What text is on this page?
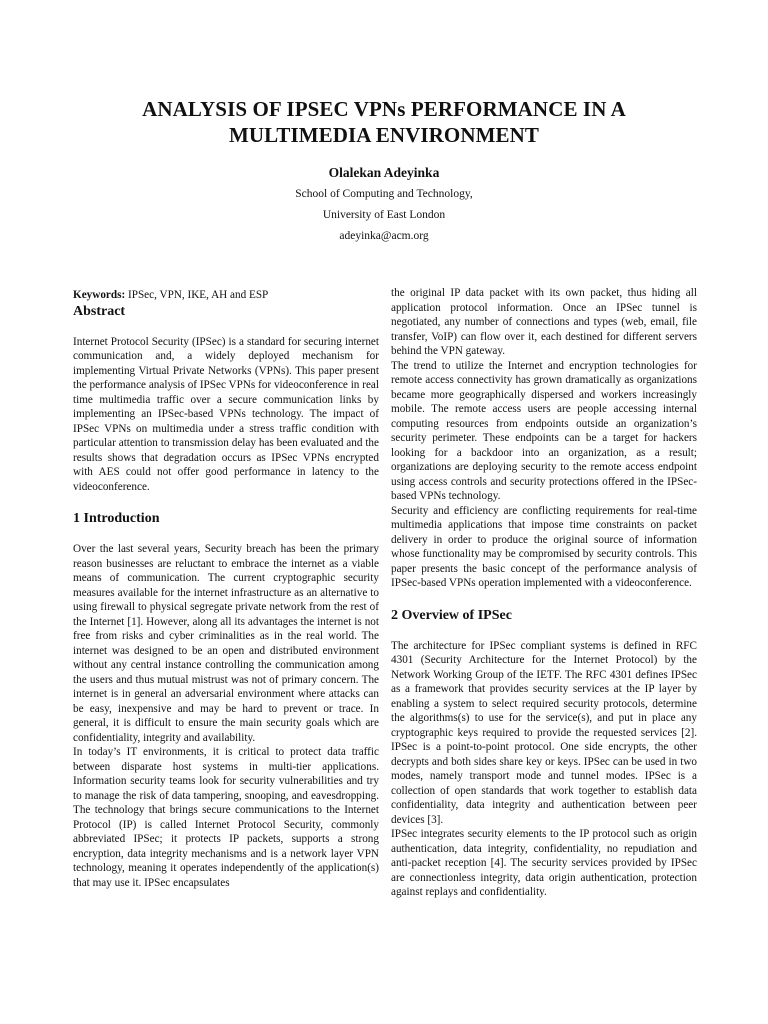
ANALYSIS OF IPSEC VPNs PERFORMANCE IN A
MULTIMEDIA ENVIRONMENT
Olalekan Adeyinka
School of Computing and Technology,
University of East London
adeyinka@acm.org

Keywords: IPSec, VPN, IKE, AH and ESP

Abstract

Internet Protocol Security (IPSec) is a standard for securing internet communication and, a widely deployed mechanism for implementing Virtual Private Networks (VPNs). This paper present the performance analysis of IPSec VPNs for videoconference in real time multimedia traffic over a secure communication links by implementing an IPSec-based VPNs technology. The impact of IPSec VPNs on multimedia under a stress traffic condition with particular attention to transmission delay has been evaluated and the results shows that degradation occurs as IPSec VPNs encrypted with AES could not offer good performance in latency to the videoconference.

1 Introduction

Over the last several years, Security breach has been the primary reason businesses are reluctant to embrace the internet as a viable means of communication. The current cryptographic security measures available for the internet infrastructure as an alternative to using firewall to physical segregate private network from the rest of the Internet [1]. However, along all its advantages the internet is not free from risks and cyber criminalities as in the real world. The internet was designed to be an open and distributed environment without any central instance controlling the communication among the users and thus mutual mistrust was not of primary concern. The internet is in general an adversarial environment where attacks can be easy, inexpensive and may be hard to prevent or trace. In general, it is difficult to ensure the main security goals which are confidentiality, integrity and availability.

In today’s IT environments, it is critical to protect data traffic between disparate host systems in multi-tier applications. Information security teams look for security vulnerabilities and try to manage the risk of data tampering, snooping, and eavesdropping. The technology that brings secure communications to the Internet Protocol (IP) is called Internet Protocol Security, commonly abbreviated IPSec; it protects IP packets, supports a strong encryption, data integrity mechanisms and is a network layer VPN technology, meaning it operates independently of the application(s) that may use it. IPSec encapsulates

the original IP data packet with its own packet, thus hiding all application protocol information. Once an IPSec tunnel is negotiated, any number of connections and types (web, email, file transfer, VoIP) can flow over it, each destined for different servers behind the VPN gateway.

The trend to utilize the Internet and encryption technologies for remote access connectivity has grown dramatically as organizations became more geographically dispersed and workers increasingly mobile. The remote access users are people accessing internal computing resources from endpoints outside an organization’s security perimeter. These endpoints can be a target for hackers looking for a backdoor into an organization, as a result; organizations are deploying security to the remote access endpoint using access controls and security protections offered in the IPSec-based VPNs technology.

Security and efficiency are conflicting requirements for real-time multimedia applications that impose time constraints on packet delivery in order to produce the original source of information whose functionality may be compromised by security controls. This paper presents the basic concept of the performance analysis of IPSec-based VPNs operation implemented with a videoconference.

2 Overview of IPSec

The architecture for IPSec compliant systems is defined in RFC 4301 (Security Architecture for the Internet Protocol) by the Network Working Group of the IETF. The RFC 4301 defines IPSec as a framework that provides security services at the IP layer by enabling a system to select required security protocols, determine the algorithms(s) to use for the service(s), and put in place any cryptographic keys required to provide the requested services [2]. IPSec is a point-to-point protocol. One side encrypts, the other decrypts and both sides share key or keys. IPSec can be used in two modes, namely transport mode and tunnel modes. IPSec is a collection of open standards that work together to establish data confidentiality, data integrity and authentication between peer devices [3].

IPSec integrates security elements to the IP protocol such as origin authentication, data integrity, confidentiality, no repudiation and anti-packet reception [4]. The security services provided by IPSec are connectionless integrity, data origin authentication, protection against replays and confidentiality.
